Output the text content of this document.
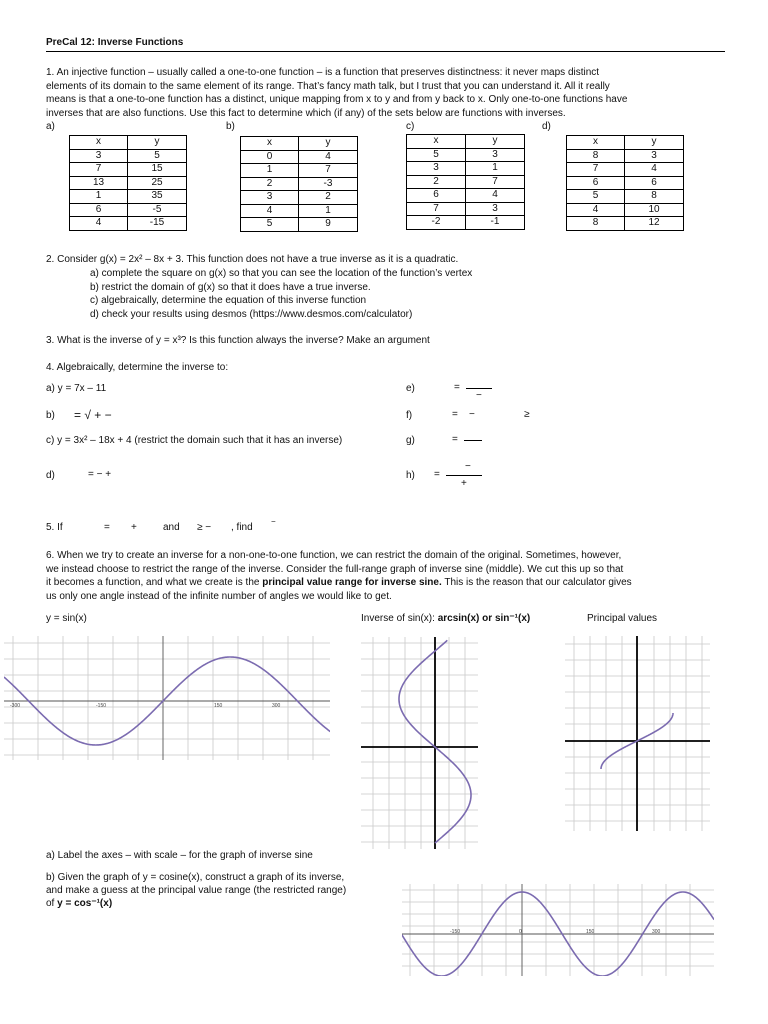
PreCal 12: Inverse Functions
1. An injective function – usually called a one-to-one function – is a function that preserves distinctness: it never maps distinct
elements of its domain to the same element of its range. That’s fancy math talk, but I trust that you can understand it. All it really
means is that a one-to-one function has a distinct, unique mapping from x to y and from y back to x. Only one-to-one functions have
inverses that are also functions. Use this fact to determine which (if any) of the sets below are functions with inverses.
a)	b)	c)	d)
x	y
3	5
7	15
13	25
1	35
6	-5
4	-15
x	y
0	4
1	7
2	-3
3	2
4	1
5	9
x	y
5	3
3	1
2	7
6	4
7	3
-2	-1
x	y
8	3
7	4
6	6
5	8
4	10
8	12
2. Consider g(x) = 2x² – 8x + 3. This function does not have a true inverse as it is a quadratic.
a) complete the square on g(x) so that you can see the location of the function’s vertex
b) restrict the domain of g(x) so that it does have a true inverse.
c) algebraically, determine the equation of this inverse function
d) check your results using desmos (https://www.desmos.com/calculator)
3. What is the inverse of y = x³? Is this function always the inverse? Make an argument
4. Algebraically, determine the inverse to:
a) y = 7x – 11
b) = √ + −
c) y = 3x² – 18x + 4 (restrict the domain such that it has an inverse)
d)	= − +
e)	=
−
f)	=    −	≥
g)	=
h) =
−
+
5. If	= +	and ≥ − , find
−
6. When we try to create an inverse for a non-one-to-one function, we can restrict the domain of the original. Sometimes, however,
we instead choose to restrict the range of the inverse. Consider the full-range graph of inverse sine (middle). We cut this up so that
it becomes a function, and what we create is the principal value range for inverse sine. This is the reason that our calculator gives
us only one angle instead of the infinite number of angles we would like to get.
y = sin(x)	Inverse of sin(x): arcsin(x) or sin⁻¹(x)	Principal values
-300	-150	150	300
a) Label the axes – with scale – for the graph of inverse sine
b) Given the graph of y = cosine(x), construct a graph of its inverse,
and make a guess at the principal value range (the restricted range)
of y = cos⁻¹(x)
-150	0	150	300
